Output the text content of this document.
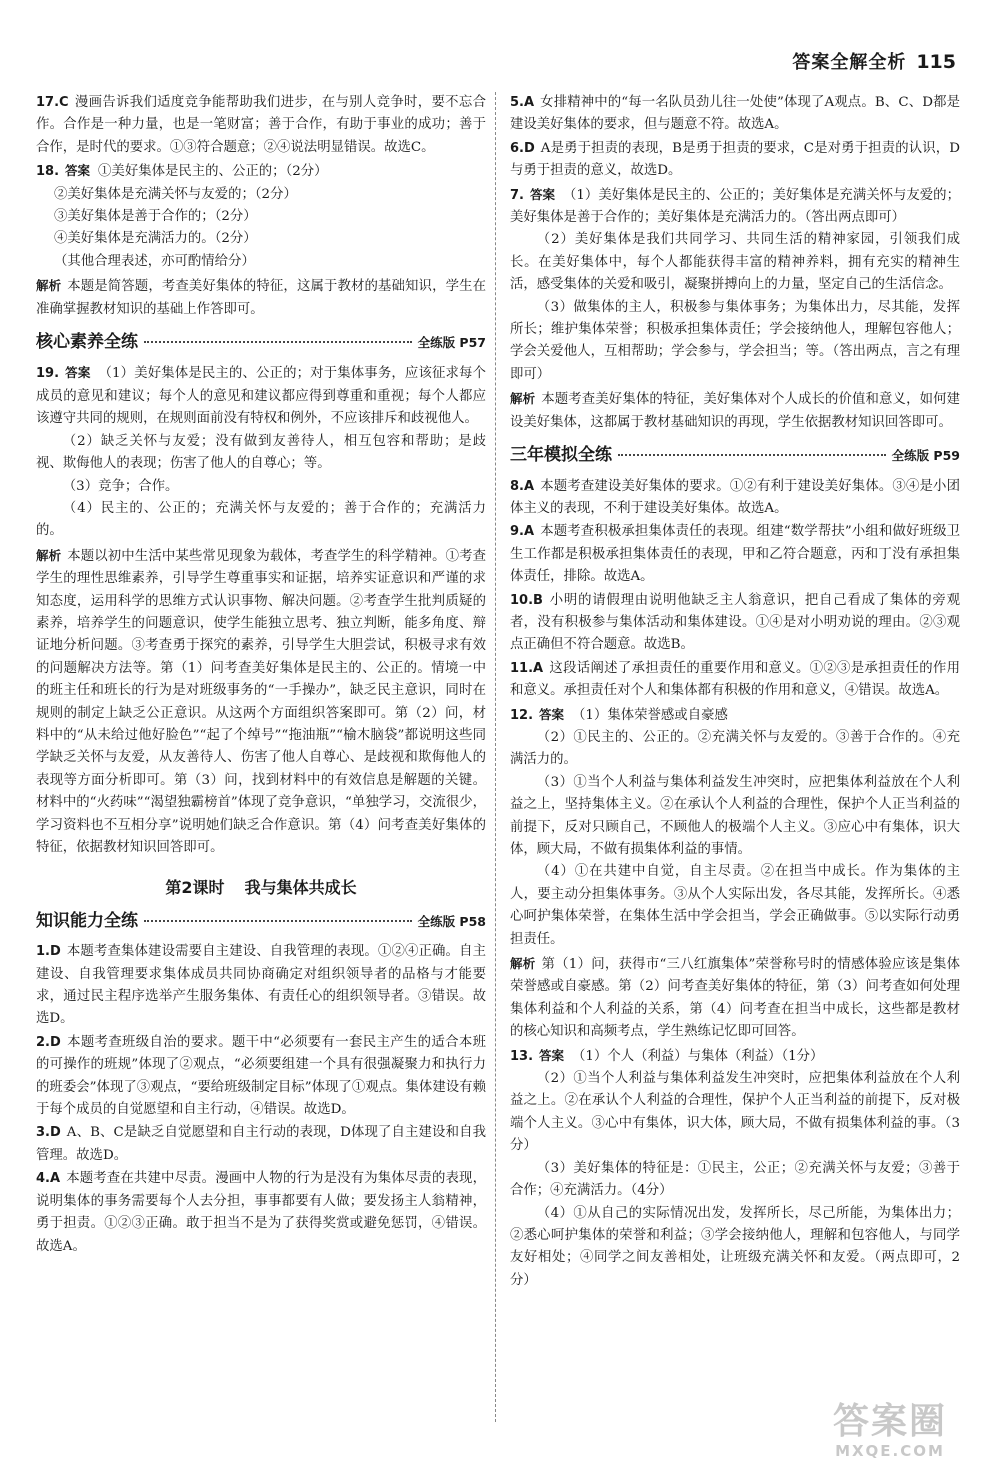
答案全解全析 115
17.C 漫画告诉我们适度竞争能帮助我们进步，在与别人竞争时，要不忘合作。合作是一种力量，也是一笔财富；善于合作，有助于事业的成功；善于合作，是时代的要求。①③符合题意；②④说法明显错误。故选C。
18. 答案 ①美好集体是民主的、公正的；（2分）
②美好集体是充满关怀与友爱的；（2分）
③美好集体是善于合作的；（2分）
④美好集体是充满活力的。（2分）
（其他合理表述，亦可酌情给分）
解析 本题是简答题，考查美好集体的特征，这属于教材的基础知识，学生在准确掌握教材知识的基础上作答即可。
核心素养全练	全练版 P57
19. 答案 （1）美好集体是民主的、公正的；对于集体事务，应该征求每个成员的意见和建议；每个人的意见和建议都应得到尊重和重视；每个人都应该遵守共同的规则，在规则面前没有特权和例外，不应该排斥和歧视他人。
（2）缺乏关怀与友爱；没有做到友善待人，相互包容和帮助；是歧视、欺侮他人的表现；伤害了他人的自尊心；等。
（3）竞争；合作。
（4）民主的、公正的；充满关怀与友爱的；善于合作的；充满活力的。
解析 本题以初中生活中某些常见现象为载体，考查学生的科学精神。①考查学生的理性思维素养，引导学生尊重事实和证据，培养实证意识和严谨的求知态度，运用科学的思维方式认识事物、解决问题。②考查学生批判质疑的素养，培养学生的问题意识，使学生能独立思考、独立判断，能多角度、辩证地分析问题。③考查勇于探究的素养，引导学生大胆尝试，积极寻求有效的问题解决方法等。第（1）问考查美好集体是民主的、公正的。情境一中的班主任和班长的行为是对班级事务的“一手操办”，缺乏民主意识，同时在规则的制定上缺乏公正意识。从这两个方面组织答案即可。第（2）问，材料中的“从未给过他好脸色”“起了个绰号”“拖油瓶”“榆木脑袋”都说明这些同学缺乏关怀与友爱，从友善待人、伤害了他人自尊心、是歧视和欺侮他人的表现等方面分析即可。第（3）问，找到材料中的有效信息是解题的关键。材料中的“火药味”“渴望独霸榜首”体现了竞争意识，“单独学习，交流很少，学习资料也不互相分享”说明她们缺乏合作意识。第（4）问考查美好集体的特征，依据教材知识回答即可。
第2课时 我与集体共成长
知识能力全练	全练版 P58
1.D 本题考查集体建设需要自主建设、自我管理的表现。①②④正确。自主建设、自我管理要求集体成员共同协商确定对组织领导者的品格与才能要求，通过民主程序选举产生服务集体、有责任心的组织领导者。③错误。故选D。
2.D 本题考查班级自治的要求。题干中“必须要有一套民主产生的适合本班的可操作的班规”体现了②观点，“必须要组建一个具有很强凝聚力和执行力的班委会”体现了③观点，“要给班级制定目标”体现了①观点。集体建设有赖于每个成员的自觉愿望和自主行动，④错误。故选D。
3.D A、B、C是缺乏自觉愿望和自主行动的表现，D体现了自主建设和自我管理。故选D。
4.A 本题考查在共建中尽责。漫画中人物的行为是没有为集体尽责的表现，说明集体的事务需要每个人去分担，事事都要有人做；要发扬主人翁精神，勇于担责。①②③正确。敢于担当不是为了获得奖赏或避免惩罚，④错误。故选A。
5.A 女排精神中的“每一名队员劲儿往一处使”体现了A观点。B、C、D都是建设美好集体的要求，但与题意不符。故选A。
6.D A是勇于担责的表现，B是勇于担责的要求，C是对勇于担责的认识，D与勇于担责的意义，故选D。
7. 答案 （1）美好集体是民主的、公正的；美好集体是充满关怀与友爱的；美好集体是善于合作的；美好集体是充满活力的。（答出两点即可）
（2）美好集体是我们共同学习、共同生活的精神家园，引领我们成长。在美好集体中，每个人都能获得丰富的精神养料，拥有充实的精神生活，感受集体的关爱和吸引，凝聚拼搏向上的力量，坚定自己的生活信念。
（3）做集体的主人，积极参与集体事务；为集体出力，尽其能，发挥所长；维护集体荣誉；积极承担集体责任；学会接纳他人，理解包容他人；学会关爱他人，互相帮助；学会参与，学会担当；等。（答出两点，言之有理即可）
解析 本题考查美好集体的特征，美好集体对个人成长的价值和意义，如何建设美好集体，这都属于教材基础知识的再现，学生依据教材知识回答即可。
三年模拟全练	全练版 P59
8.A 本题考查建设美好集体的要求。①②有利于建设美好集体。③④是小团体主义的表现，不利于建设美好集体。故选A。
9.A 本题考查积极承担集体责任的表现。组建“数学帮扶”小组和做好班级卫生工作都是积极承担集体责任的表现，甲和乙符合题意，丙和丁没有承担集体责任，排除。故选A。
10.B 小明的请假理由说明他缺乏主人翁意识，把自己看成了集体的旁观者，没有积极参与集体活动和集体建设。①④是对小明劝说的理由。②③观点正确但不符合题意。故选B。
11.A 这段话阐述了承担责任的重要作用和意义。①②③是承担责任的作用和意义。承担责任对个人和集体都有积极的作用和意义，④错误。故选A。
12. 答案 （1）集体荣誉感或自豪感
（2）①民主的、公正的。②充满关怀与友爱的。③善于合作的。④充满活力的。
（3）①当个人利益与集体利益发生冲突时，应把集体利益放在个人利益之上，坚持集体主义。②在承认个人利益的合理性，保护个人正当利益的前提下，反对只顾自己，不顾他人的极端个人主义。③应心中有集体，识大体，顾大局，不做有损集体利益的事情。
（4）①在共建中自觉，自主尽责。②在担当中成长。作为集体的主人，要主动分担集体事务。③从个人实际出发，各尽其能，发挥所长。④悉心呵护集体荣誉，在集体生活中学会担当，学会正确做事。⑤以实际行动勇担责任。
解析 第（1）问，获得市“三八红旗集体”荣誉称号时的情感体验应该是集体荣誉感或自豪感。第（2）问考查美好集体的特征，第（3）问考查如何处理集体利益和个人利益的关系，第（4）问考查在担当中成长，这些都是教材的核心知识和高频考点，学生熟练记忆即可回答。
13. 答案 （1）个人（利益）与集体（利益）（1分）
（2）①当个人利益与集体利益发生冲突时，应把集体利益放在个人利益之上。②在承认个人利益的合理性，保护个人正当利益的前提下，反对极端个人主义。③心中有集体，识大体，顾大局，不做有损集体利益的事。（3分）
（3）美好集体的特征是：①民主，公正；②充满关怀与友爱；③善于合作；④充满活力。（4分）
（4）①从自己的实际情况出发，发挥所长，尽己所能，为集体出力；②悉心呵护集体的荣誉和利益；③学会接纳他人，理解和包容他人，与同学友好相处；④同学之间友善相处，让班级充满关怀和友爱。（两点即可，2分）
答案圈
MXQE.COM
